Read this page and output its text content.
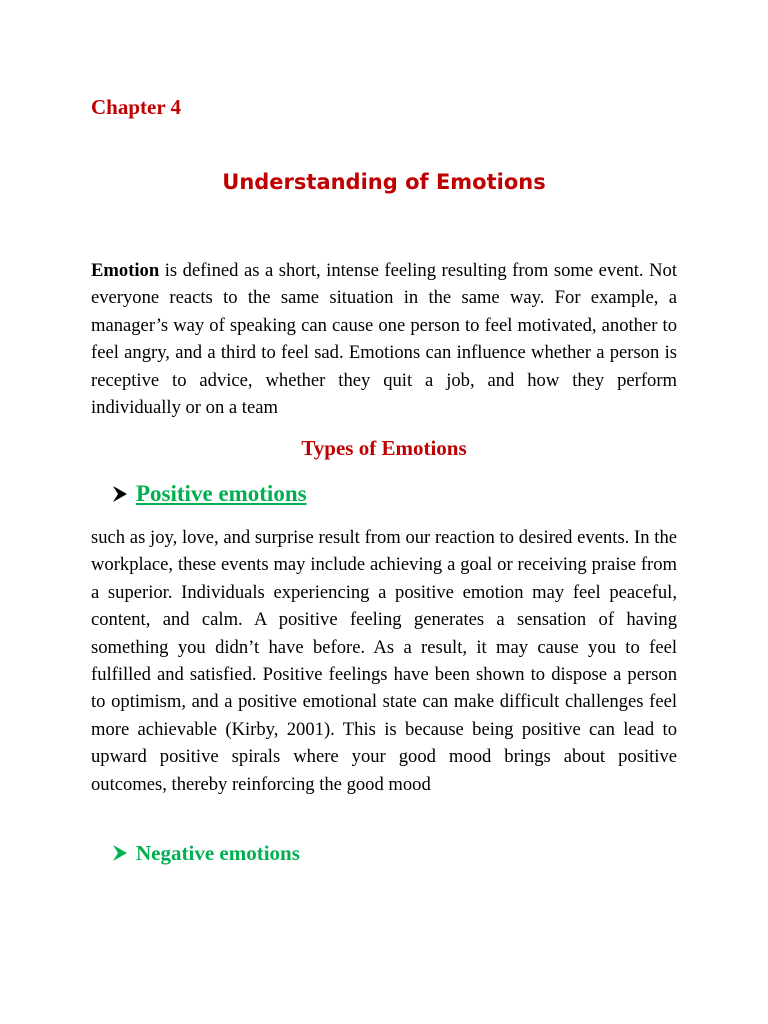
Chapter 4

Understanding of Emotions

Emotion is defined as a short, intense feeling resulting from some event. Not everyone reacts to the same situation in the same way. For example, a manager’s way of speaking can cause one person to feel motivated, another to feel angry, and a third to feel sad. Emotions can influence whether a person is receptive to advice, whether they quit a job, and how they perform individually or on a team

Types of Emotions
Positive emotions

such as joy, love, and surprise result from our reaction to desired events. In the workplace, these events may include achieving a goal or receiving praise from a superior. Individuals experiencing a positive emotion may feel peaceful, content, and calm. A positive feeling generates a sensation of having something you didn’t have before. As a result, it may cause you to feel fulfilled and satisfied. Positive feelings have been shown to dispose a person to optimism, and a positive emotional state can make difficult challenges feel more achievable (Kirby, 2001). This is because being positive can lead to upward positive spirals where your good mood brings about positive outcomes, thereby reinforcing the good mood

Negative emotions
